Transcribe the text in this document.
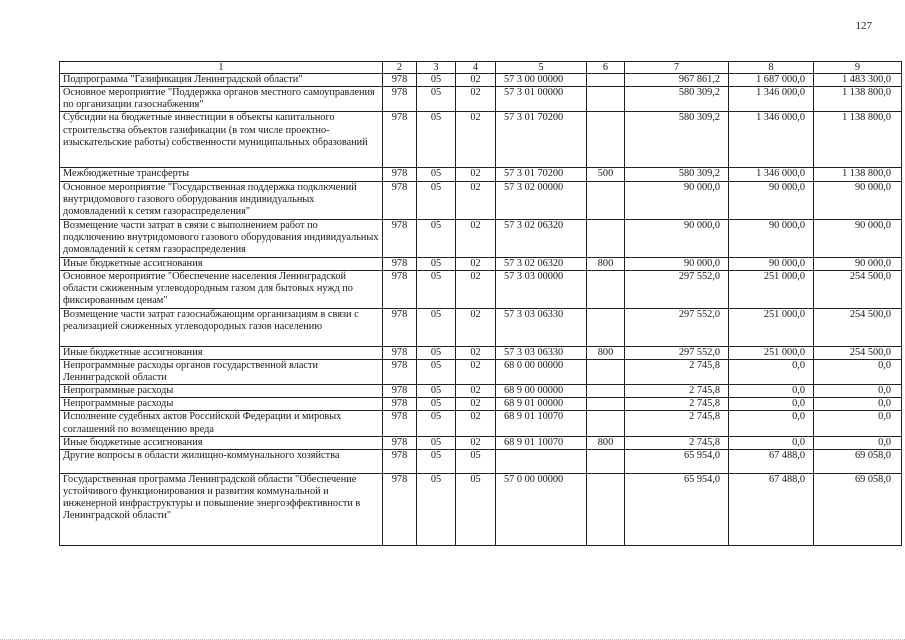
127
1	2	3	4	5	6	7	8	9
Подпрограмма "Газификация Ленинградской области"	978	05	02	57 3 00 00000		967 861,2	1 687 000,0	1 483 300,0
Основное мероприятие "Поддержка органов местного самоуправления по организации газоснабжения"	978	05	02	57 3 01 00000		580 309,2	1 346 000,0	1 138 800,0
Субсидии на бюджетные инвестиции в объекты капитального строительства объектов газификации (в том числе проектно-изыскательские работы) собственности муниципальных образований	978	05	02	57 3 01 70200		580 309,2	1 346 000,0	1 138 800,0
Межбюджетные трансферты	978	05	02	57 3 01 70200	500	580 309,2	1 346 000,0	1 138 800,0
Основное мероприятие "Государственная поддержка подключений внутридомового газового оборудования индивидуальных домовладений к сетям газораспределения"	978	05	02	57 3 02 00000		90 000,0	90 000,0	90 000,0
Возмещение части затрат в связи с выполнением работ по подключению внутридомового газового оборудования индивидуальных домовладений к сетям газораспределения	978	05	02	57 3 02 06320		90 000,0	90 000,0	90 000,0
Иные бюджетные ассигнования	978	05	02	57 3 02 06320	800	90 000,0	90 000,0	90 000,0
Основное мероприятие "Обеспечение населения Ленинградской области сжиженным углеводородным газом для бытовых нужд по фиксированным ценам"	978	05	02	57 3 03 00000		297 552,0	251 000,0	254 500,0
Возмещение части затрат газоснабжающим организациям в связи с реализацией сжиженных углеводородных газов населению	978	05	02	57 3 03 06330		297 552,0	251 000,0	254 500,0
Иные бюджетные ассигнования	978	05	02	57 3 03 06330	800	297 552,0	251 000,0	254 500,0
Непрограммные расходы органов государственной власти Ленинградской области	978	05	02	68 0 00 00000		2 745,8	0,0	0,0
Непрограммные расходы	978	05	02	68 9 00 00000		2 745,8	0,0	0,0
Непрограммные расходы	978	05	02	68 9 01 00000		2 745,8	0,0	0,0
Исполнение судебных актов Российской Федерации и мировых соглашений по возмещению вреда	978	05	02	68 9 01 10070		2 745,8	0,0	0,0
Иные бюджетные ассигнования	978	05	02	68 9 01 10070	800	2 745,8	0,0	0,0
Другие вопросы в области жилищно-коммунального хозяйства	978	05	05			65 954,0	67 488,0	69 058,0
Государственная программа Ленинградской области "Обеспечение устойчивого функционирования и развития коммунальной и инженерной инфраструктуры и повышение энергоэффективности в Ленинградской области"	978	05	05	57 0 00 00000		65 954,0	67 488,0	69 058,0
